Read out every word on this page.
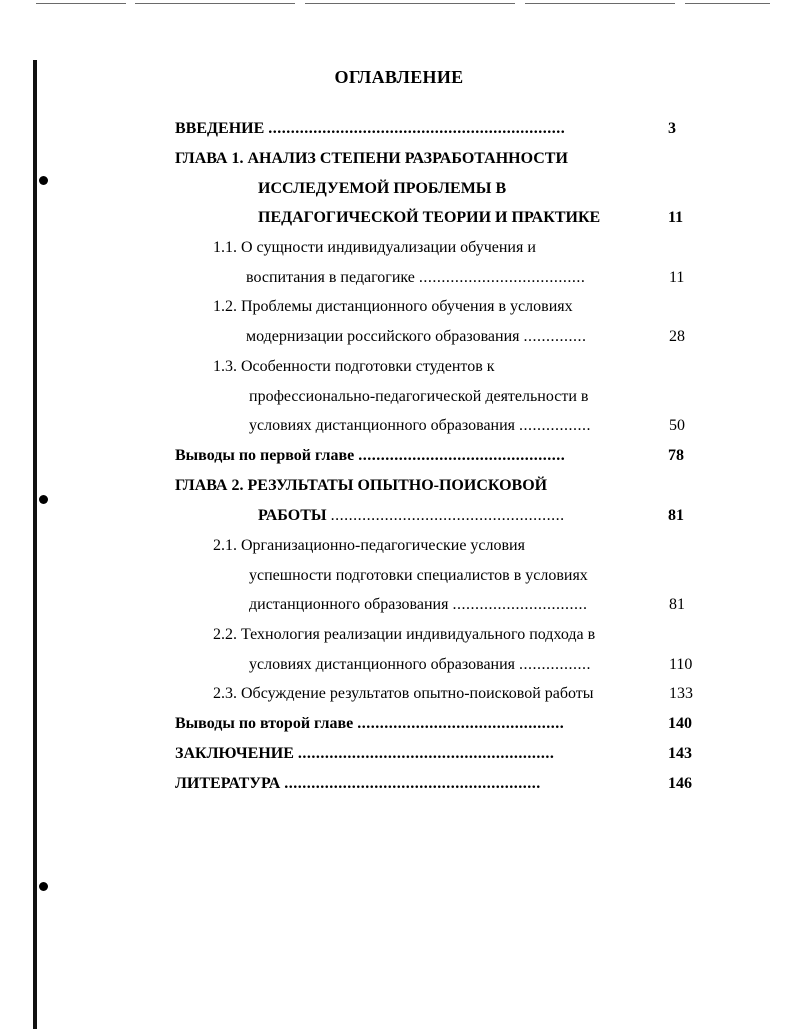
ОГЛАВЛЕНИЕ
ВВЕДЕНИЕ ..................................................................	3
ГЛАВА 1. АНАЛИЗ СТЕПЕНИ РАЗРАБОТАННОСТИ
ИССЛЕДУЕМОЙ ПРОБЛЕМЫ В
ПЕДАГОГИЧЕСКОЙ ТЕОРИИ И ПРАКТИКЕ	11
1.1. О сущности индивидуализации обучения и
воспитания в педагогике .....................................	11
1.2. Проблемы дистанционного обучения в условиях
модернизации российского образования ..............	28
1.3. Особенности подготовки студентов к
профессионально-педагогической деятельности в
условиях дистанционного образования ................	50
Выводы по первой главе ..............................................	78
ГЛАВА 2. РЕЗУЛЬТАТЫ ОПЫТНО-ПОИСКОВОЙ
РАБОТЫ ....................................................	81
2.1. Организационно-педагогические условия
успешности подготовки специалистов в условиях
дистанционного образования ..............................	81
2.2. Технология реализации индивидуального подхода в
условиях дистанционного образования ................	110
2.3. Обсуждение результатов опытно-поисковой работы	133
Выводы по второй главе ..............................................	140
ЗАКЛЮЧЕНИЕ .........................................................	143
ЛИТЕРАТУРА .........................................................	146
